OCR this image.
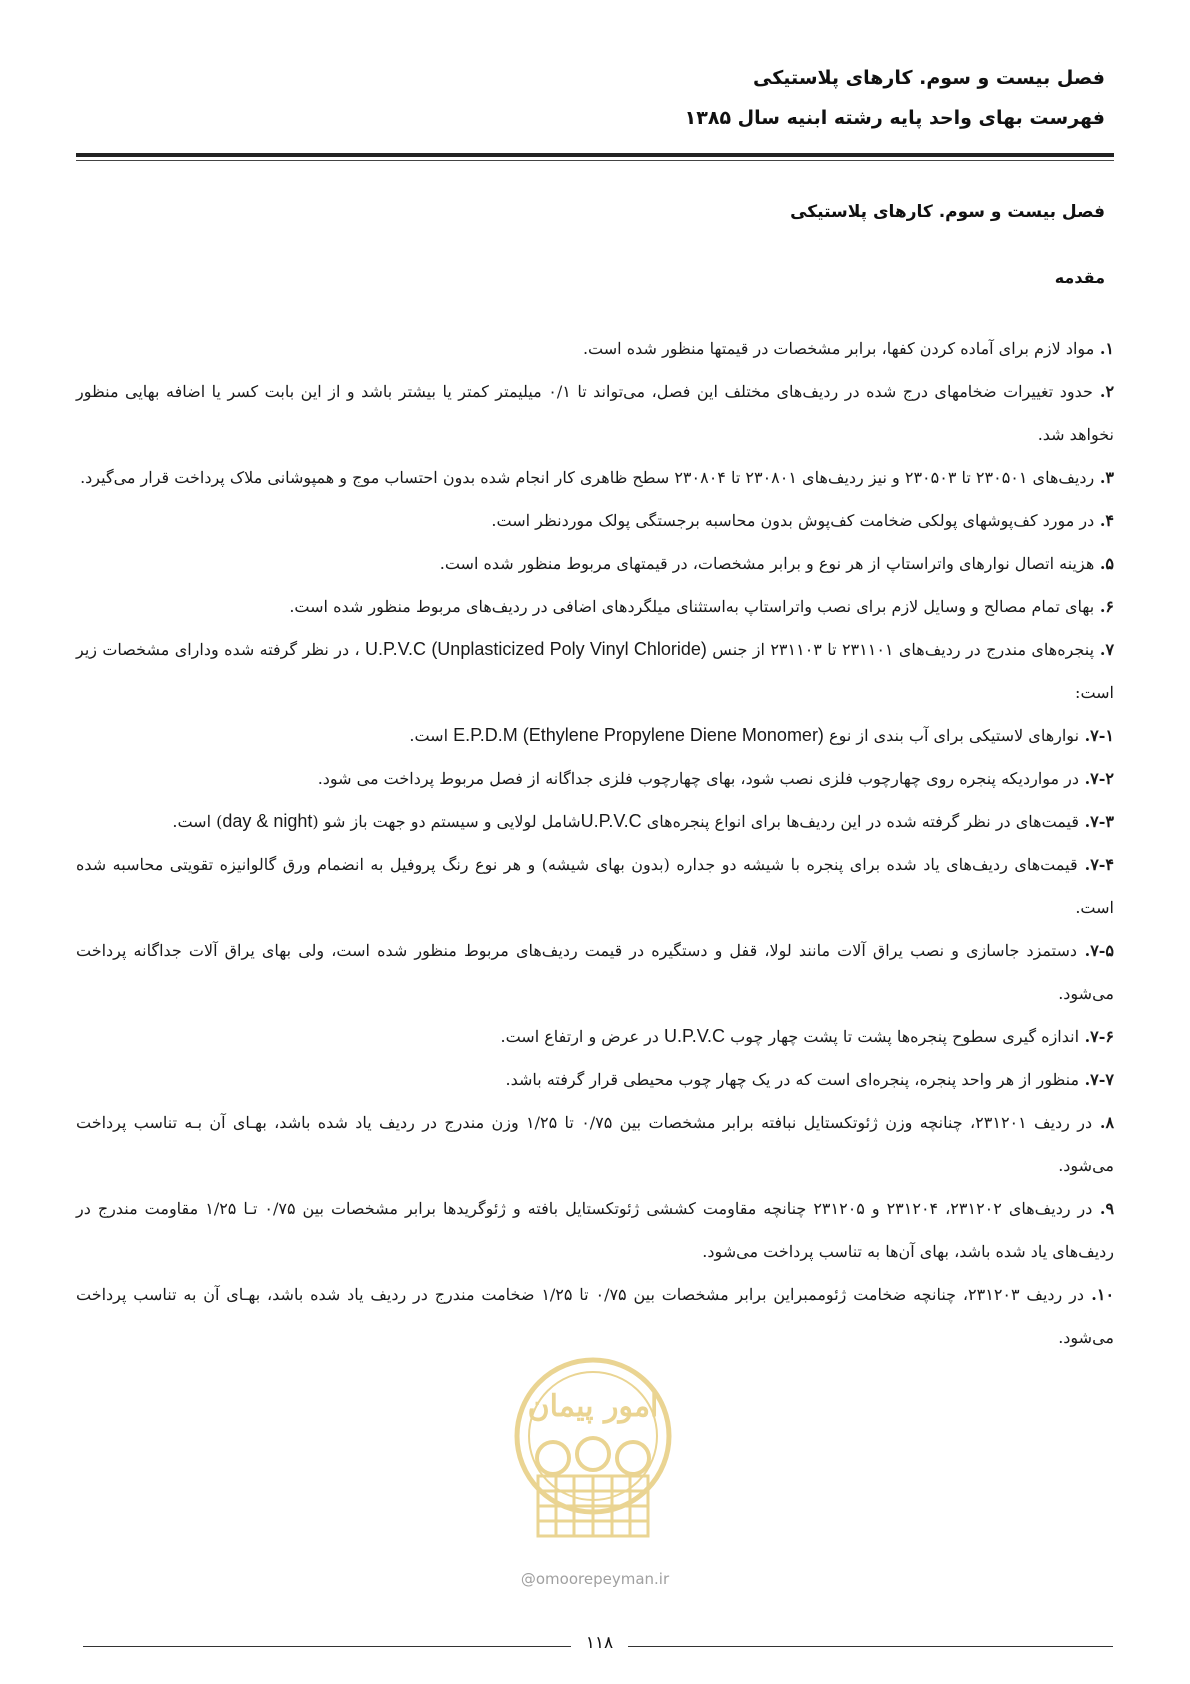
فصل بیست و سوم. کارهای پلاستیکی
فهرست بهای واحد پایه رشته ابنیه سال ۱۳۸۵
فصل بیست و سوم. کارهای پلاستیکی
مقدمه

۱. مواد لازم برای آماده کردن کفها، برابر مشخصات در قیمتها منظور شده است.

۲. حدود تغییرات ضخامهای درج شده در ردیف‌های مختلف این فصل، می‌تواند تا ۰/۱ میلیمتر کمتر یا بیشتر باشد و از این بابت کسر یا اضافه بهایی منظور نخواهد شد.

۳. ردیف‌های ۲۳۰۵۰۱ تا ۲۳۰۵۰۳ و نیز ردیف‌های ۲۳۰۸۰۱ تا ۲۳۰۸۰۴ سطح ظاهری کار انجام شده بدون احتساب موج و همپوشانی ملاک پرداخت قرار می‌گیرد.

۴. در مورد کف‌پوشهای پولکی ضخامت کف‌پوش بدون محاسبه برجستگی پولک موردنظر است.

۵. هزینه اتصال نوارهای واتراستاپ از هر نوع و برابر مشخصات، در قیمتهای مربوط منظور شده است.

۶. بهای تمام مصالح و وسایل لازم برای نصب واتراستاپ به‌استثنای میلگردهای اضافی در ردیف‌های مربوط منظور شده است.

۷. پنجره‌های مندرج در ردیف‌های ۲۳۱۱۰۱ تا ۲۳۱۱۰۳ از جنس U.P.V.C (Unplasticized Poly Vinyl Chloride) ، در نظر گرفته شده ودارای مشخصات زیر است:

۷-۱. نوارهای لاستیکی برای آب بندی از نوع E.P.D.M (Ethylene Propylene Diene Monomer) است.

۷-۲. در مواردیکه پنجره روی چهارچوب فلزی نصب شود، بهای چهارچوب فلزی جداگانه از فصل مربوط پرداخت می شود.

۷-۳. قیمت‌های در نظر گرفته شده در این ردیف‌ها برای انواع پنجره‌های U.P.V.Cشامل لولایی و سیستم دو جهت باز شو (day & night) است.

۷-۴. قیمت‌های ردیف‌های یاد شده برای پنجره با شیشه دو جداره (بدون بهای شیشه) و هر نوع رنگ پروفیل به انضمام ورق گالوانیزه تقویتی محاسبه شده است.

۷-۵. دستمزد جاسازی و نصب یراق آلات مانند لولا، قفل و دستگیره در قیمت ردیف‌های مربوط منظور شده است، ولی بهای یراق آلات جداگانه پرداخت می‌شود.

۷-۶. اندازه گیری سطوح پنجره‌ها پشت تا پشت چهار چوب U.P.V.C در عرض و ارتفاع است.

۷-۷. منظور از هر واحد پنجره، پنجره‌ای است که در یک چهار چوب محیطی قرار گرفته باشد.

۸. در ردیف ۲۳۱۲۰۱، چنانچه وزن ژئوتکستایل نبافته برابر مشخصات بین ۰/۷۵ تا ۱/۲۵ وزن مندرج در ردیف یاد شده باشد، بهـای آن بـه تناسب پرداخت می‌شود.

۹. در ردیف‌های ۲۳۱۲۰۲، ۲۳۱۲۰۴ و ۲۳۱۲۰۵ چنانچه مقاومت کششی ژئوتکستایل بافته و ژئوگریدها برابر مشخصات بین ۰/۷۵ تـا ۱/۲۵ مقاومت مندرج در ردیف‌های یاد شده باشد، بهای آن‌ها به تناسب پرداخت می‌شود.

۱۰. در ردیف ۲۳۱۲۰۳، چنانچه ضخامت ژئوممبراین برابر مشخصات بین ۰/۷۵ تا ۱/۲۵ ضخامت مندرج در ردیف یاد شده باشد، بهـای آن به تناسب پرداخت می‌شود.

امور پیمان
@omoorepeyman.ir
۱۱۸
